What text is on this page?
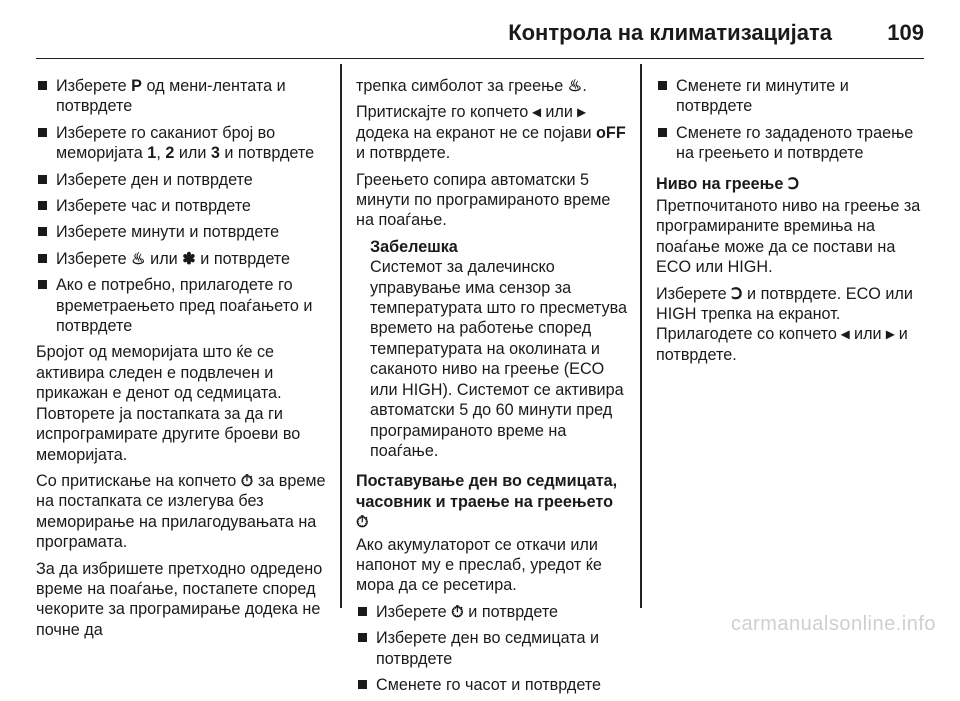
Контрола на климатизацијата	109
Изберете P од мени-лентата и потврдете
Изберете го саканиот број во меморијата 1, 2 или 3 и потврдете
Изберете ден и потврдете
Изберете час и потврдете
Изберете минути и потврдете
Изберете ♨ или ✽ и потврдете
Ако е потребно, прилагодете го времетраењето пред поаѓањето и потврдете

Бројот од меморијата што ќе се активира следен е подвлечен и прикажан е денот од седмицата. Повторете ја постапката за да ги испрограмирате другите броеви во меморијата.

Со притискање на копчето ⏱ за време на постапката се излегува без меморирање на прилагодувањата на програмата.

За да избришете претходно одредено време на поаѓање, постапете според чекорите за програмирање додека не почне да

трепка симболот за греење ♨.

Притискајте го копчето ◂ или ▸ додека на екранот не се појави oFF и потврдете.

Греењето сопира автоматски 5 минути по програмираното време на поаѓање.

Забелешка
Системот за далечинско управување има сензор за температурата што го пресметува времето на работење според температурата на околината и саканото ниво на греење (ECO или HIGH). Системот се активира автоматски 5 до 60 минути пред програмираното време на поаѓање.
Поставување ден во седмицата, часовник и траење на греењето ⏱

Ако акумулаторот се откачи или напонот му е преслаб, уредот ќе мора да се ресетира.

Изберете ⏱ и потврдете
Изберете ден во седмицата и потврдете
Сменете го часот и потврдете
Сменете ги минутите и потврдете
Сменете го зададеното траење на греењето и потврдете
Ниво на греење Ↄ

Претпочитаното ниво на греење за програмираните времиња на поаѓање може да се постави на ECO или HIGH.

Изберете Ↄ и потврдете. ECO или HIGH трепка на екранот. Прилагодете со копчето ◂ или ▸ и потврдете.

carmanualsonline.info
